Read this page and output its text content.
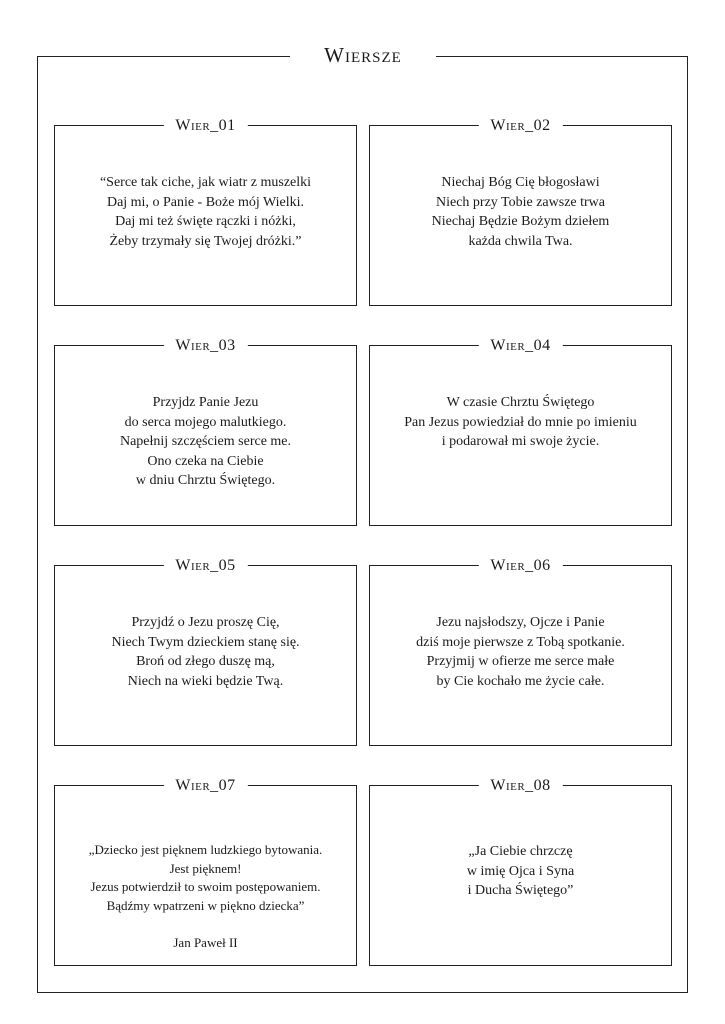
Wiersze
Wier_01
“Serce tak ciche, jak wiatr z muszelki
Daj mi, o Panie - Boże mój Wielki.
Daj mi też święte rączki i nóżki,
Żeby trzymały się Twojej dróżki.”
Wier_02
Niechaj Bóg Cię błogosławi
Niech przy Tobie zawsze trwa
Niechaj Będzie Bożym dziełem
każda chwila Twa.
Wier_03
Przyjdz Panie Jezu
do serca mojego malutkiego.
Napełnij szczęściem serce me.
Ono czeka na Ciebie
w dniu Chrztu Świętego.
Wier_04
W czasie Chrztu Świętego
Pan Jezus powiedział do mnie po imieniu
i podarował mi swoje życie.
Wier_05
Przyjdź o Jezu proszę Cię,
Niech Twym dzieckiem stanę się.
Broń od złego duszę mą,
Niech na wieki będzie Twą.
Wier_06
Jezu najsłodszy, Ojcze i Panie
dziś moje pierwsze z Tobą spotkanie.
Przyjmij w ofierze me serce małe
by Cie kochało me życie całe.
Wier_07
„Dziecko jest pięknem ludzkiego bytowania.
Jest pięknem!
Jezus potwierdził to swoim postępowaniem.
Bądźmy wpatrzeni w piękno dziecka”
Jan Paweł II
Wier_08
„Ja Ciebie chrzczę
w imię Ojca i Syna
i Ducha Świętego”
